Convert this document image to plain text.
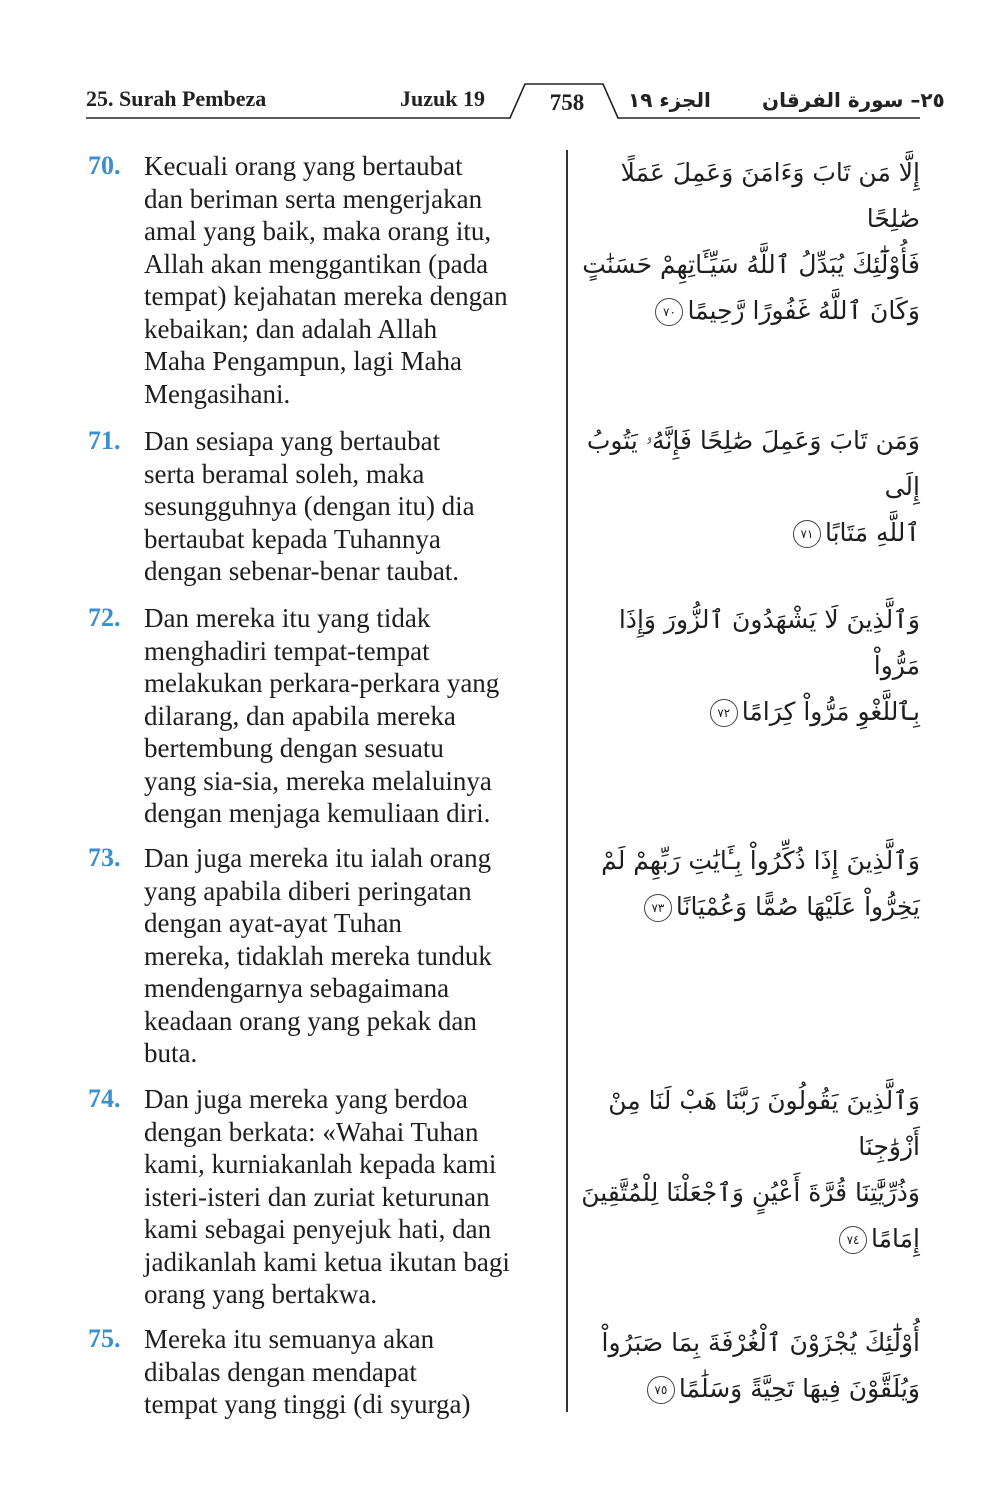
25. Surah Pembeza	Juzuk 19	758	الجزء ١٩	٢٥– سورة الفرقان
70. Kecuali orang yang bertaubat
dan beriman serta mengerjakan
amal yang baik, maka orang itu,
Allah akan menggantikan (pada
tempat) kejahatan mereka dengan
kebaikan; dan adalah Allah
Maha Pengampun, lagi Maha
Mengasihani.
71. Dan sesiapa yang bertaubat
serta beramal soleh, maka
sesungguhnya (dengan itu) dia
bertaubat kepada Tuhannya
dengan sebenar-benar taubat.
72. Dan mereka itu yang tidak
menghadiri tempat-tempat
melakukan perkara-perkara yang
dilarang, dan apabila mereka
bertembung dengan sesuatu
yang sia-sia, mereka melaluinya
dengan menjaga kemuliaan diri.
73. Dan juga mereka itu ialah orang
yang apabila diberi peringatan
dengan ayat-ayat Tuhan
mereka, tidaklah mereka tunduk
mendengarnya sebagaimana
keadaan orang yang pekak dan
buta.
74. Dan juga mereka yang berdoa
dengan berkata: «Wahai Tuhan
kami, kurniakanlah kepada kami
isteri-isteri dan zuriat keturunan
kami sebagai penyejuk hati, dan
jadikanlah kami ketua ikutan bagi
orang yang bertakwa.
75. Mereka itu semuanya akan
dibalas dengan mendapat
tempat yang tinggi (di syurga)
إِلَّا مَن تَابَ وَءَامَنَ وَعَمِلَ عَمَلًا صَٰلِحًا
فَأُوْلَٰٓئِكَ يُبَدِّلُ ٱللَّهُ سَيِّـَٔاتِهِمْ حَسَنَٰتٍ
وَكَانَ ٱللَّهُ غَفُورًا رَّحِيمًا٧٠
وَمَن تَابَ وَعَمِلَ صَٰلِحًا فَإِنَّهُۥ يَتُوبُ إِلَى
ٱللَّهِ مَتَابًا٧١
وَٱلَّذِينَ لَا يَشْهَدُونَ ٱلزُّورَ وَإِذَا مَرُّواْ
بِٱللَّغْوِ مَرُّواْ كِرَامًا٧٢
وَٱلَّذِينَ إِذَا ذُكِّرُواْ بِـَٔايَٰتِ رَبِّهِمْ لَمْ
يَخِرُّواْ عَلَيْهَا صُمًّا وَعُمْيَانًا٧٣
وَٱلَّذِينَ يَقُولُونَ رَبَّنَا هَبْ لَنَا مِنْ أَزْوَٰجِنَا
وَذُرِّيَّٰتِنَا قُرَّةَ أَعْيُنٍ وَٱجْعَلْنَا لِلْمُتَّقِينَ
إِمَامًا٧٤
أُوْلَٰٓئِكَ يُجْزَوْنَ ٱلْغُرْفَةَ بِمَا صَبَرُواْ
وَيُلَقَّوْنَ فِيهَا تَحِيَّةً وَسَلَٰمًا٧٥
